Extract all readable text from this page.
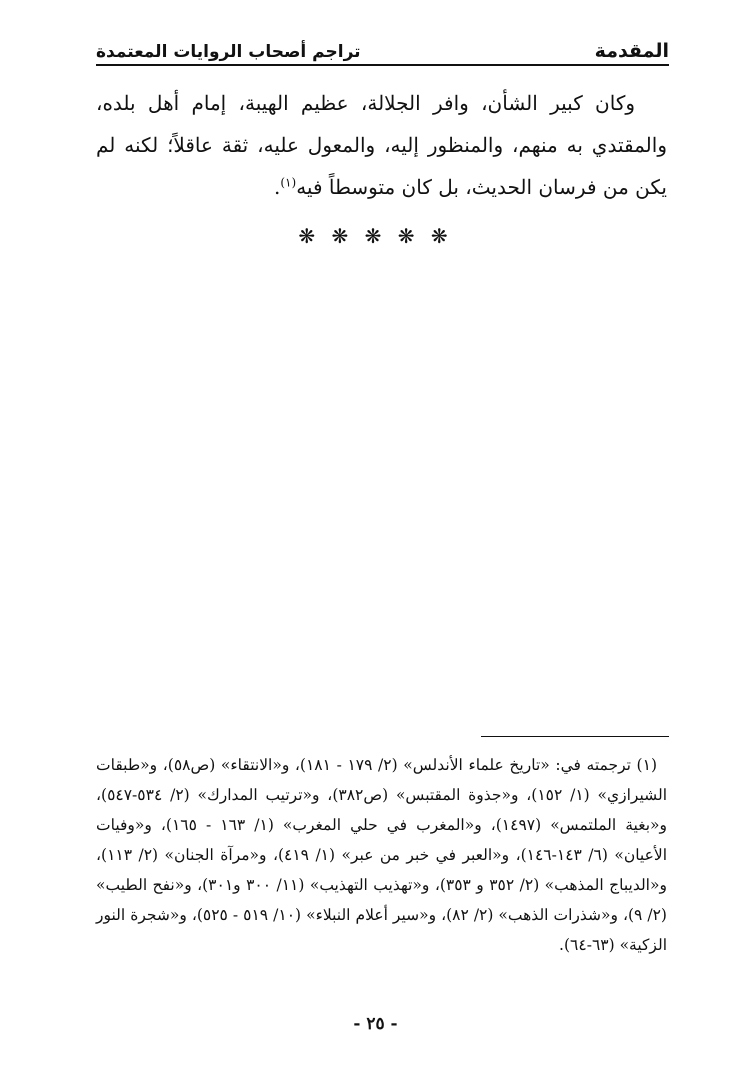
المقدمة
تراجم أصحاب الروايات المعتمدة

وكان كبير الشأن، وافر الجلالة، عظيم الهيبة، إمام أهل بلده، والمقتدي به منهم، والمنظور إليه، والمعول عليه، ثقة عاقلاً؛ لكنه لم يكن من فرسان الحديث، بل كان متوسطاً فيه$^{(١)}$.

❋ ❋ ❋ ❋ ❋

(١) ترجمته في: «تاريخ علماء الأندلس» (٢/ ١٧٩ - ١٨١)، و«الانتقاء» (ص٥٨)، و«طبقات الشيرازي» (١/ ١٥٢)، و«جذوة المقتبس» (ص٣٨٢)، و«ترتيب المدارك» (٢/ ٥٣٤-٥٤٧)، و«بغية الملتمس» (١٤٩٧)، و«المغرب في حلي المغرب» (١/ ١٦٣ - ١٦٥)، و«وفيات الأعيان» (٦/ ١٤٣-١٤٦)، و«العبر في خبر من عبر» (١/ ٤١٩)، و«مرآة الجنان» (٢/ ١١٣)، و«الديباج المذهب» (٢/ ٣٥٢ و ٣٥٣)، و«تهذيب التهذيب» (١١/ ٣٠٠ و٣٠١)، و«نفح الطيب» (٢/ ٩)، و«شذرات الذهب» (٢/ ٨٢)، و«سير أعلام النبلاء» (١٠/ ٥١٩ - ٥٢٥)، و«شجرة النور الزكية» (٦٣-٦٤).

- ٢٥ -
